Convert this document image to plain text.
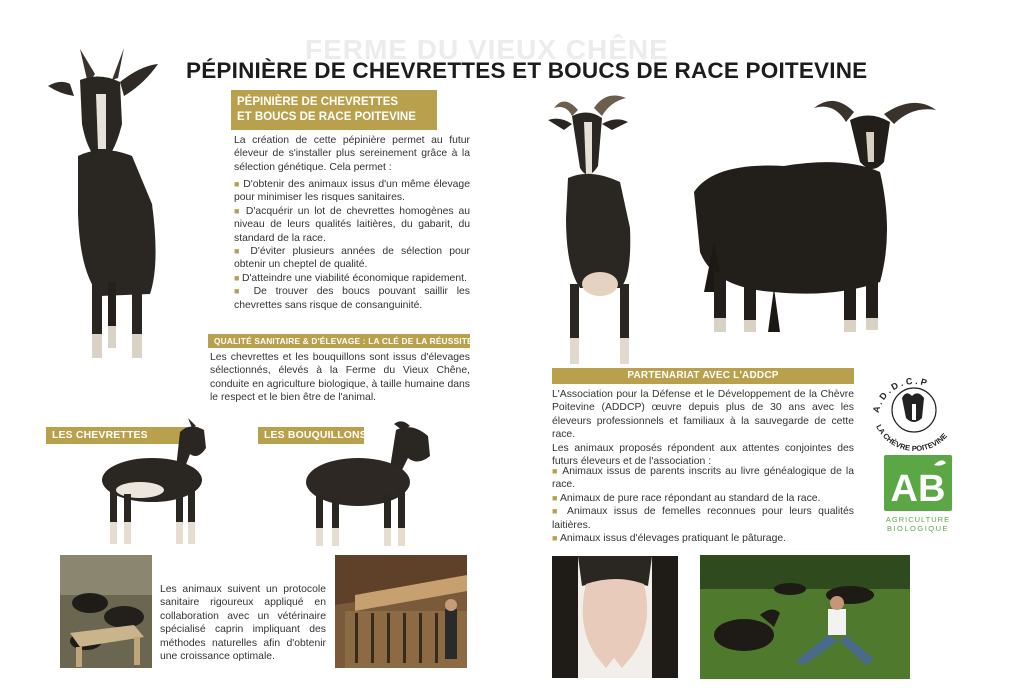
FERME DU VIEUX CHÊNE
PÉPINIÈRE DE CHEVRETTES ET BOUCS DE RACE POITEVINE
PÉPINIÈRE DE CHEVRETTES
ET BOUCS DE RACE POITEVINE
La création de cette pépinière permet au futur éleveur de s'installer plus sereinement grâce à la sélection génétique. Cela permet :

■ D'obtenir des animaux issus d'un même élevage pour minimiser les risques sanitaires.

■ D'acquérir un lot de chevrettes homogènes au niveau de leurs qualités laitières, du gabarit, du standard de la race.

■ D'éviter plusieurs années de sélection pour obtenir un cheptel de qualité.

■ D'atteindre une viabilité économique rapidement.

■ De trouver des boucs pouvant saillir les chevrettes sans risque de consanguinité.

QUALITÉ SANITAIRE & D'ÉLEVAGE : LA CLÉ DE LA RÉUSSITE
Les chevrettes et les bouquillons sont issus d'élevages sélectionnés, élevés à la Ferme du Vieux Chêne, conduite en agriculture biologique, à taille humaine dans le respect et le bien être de l'animal.
LES CHEVRETTES	LES BOUQUILLONS
Les animaux suivent un protocole sanitaire rigoureux appliqué en collaboration avec un vétérinaire spécialisé caprin impliquant des méthodes naturelles afin d'obtenir une croissance optimale.
PARTENARIAT AVEC L'ADDCP
L'Association pour la Défense et le Développement de la Chèvre Poitevine (ADDCP) œuvre depuis plus de 30 ans avec les éleveurs professionnels et familiaux à la sauvegarde de cette race.
Les animaux proposés répondent aux attentes conjointes des futurs éleveurs et de l'association :

■ Animaux issus de parents inscrits au livre généalogique de la race.

■ Animaux de pure race répondant au standard de la race.

■ Animaux issus de femelles reconnues pour leurs qualités laitières.

■ Animaux issus d'élevages pratiquant le pâturage.

A . D . D . C . P
LA CHÈVRE POITEVINE
AB
AGRICULTURE
BIOLOGIQUE
